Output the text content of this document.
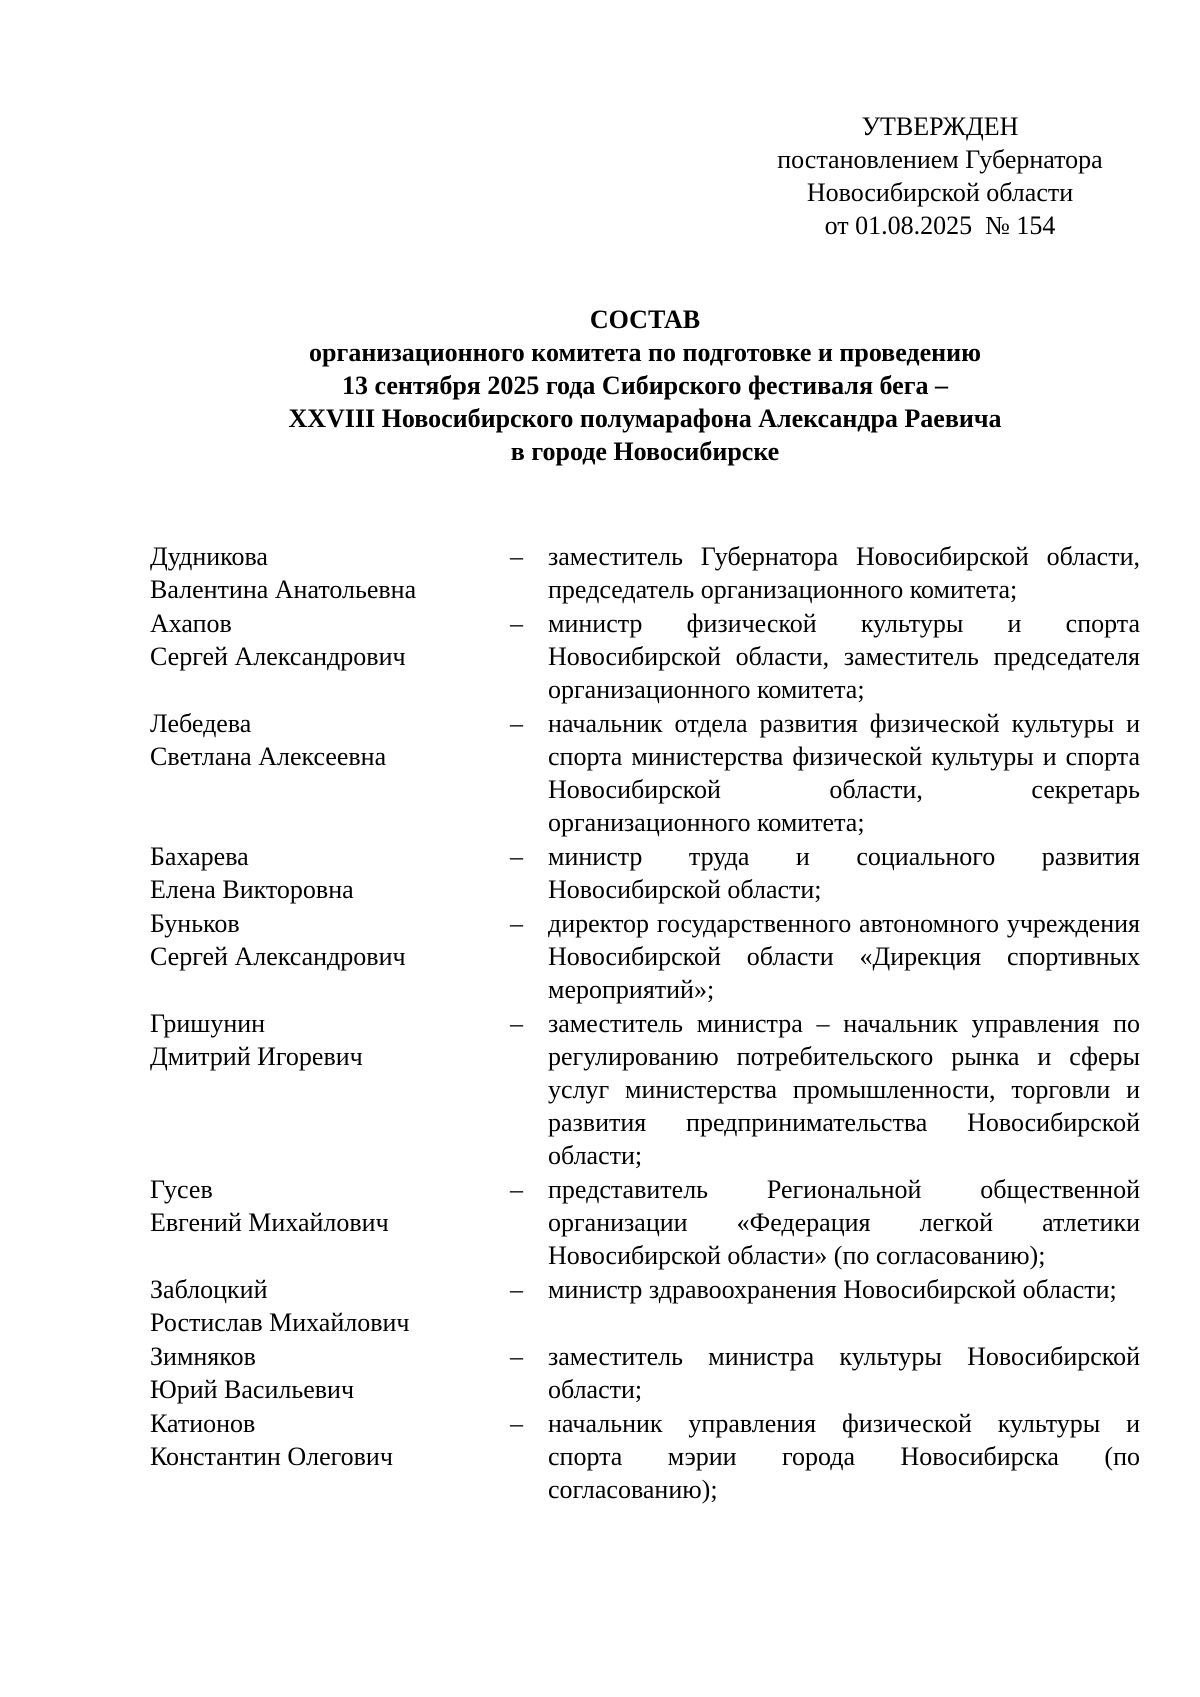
УТВЕРЖДЕН
постановлением Губернатора
Новосибирской области
от 01.08.2025  № 154
СОСТАВ
организационного комитета по подготовке и проведению
13 сентября 2025 года Сибирского фестиваля бега –
XXVIII Новосибирского полумарафона Александра Раевича
в городе Новосибирске
Дудникова
Валентина Анатольевна
– заместитель Губернатора Новосибирской области, председатель организационного комитета;
Ахапов
Сергей Александрович
– министр физической культуры и спорта Новосибирской области, заместитель председателя организационного комитета;
Лебедева
Светлана Алексеевна
– начальник отдела развития физической культуры и спорта министерства физической культуры и спорта Новосибирской области, секретарь организационного комитета;
Бахарева
Елена Викторовна
– министр труда и социального развития Новосибирской области;
Буньков
Сергей Александрович
– директор государственного автономного учреждения Новосибирской области «Дирекция спортивных мероприятий»;
Гришунин
Дмитрий Игоревич
– заместитель министра – начальник управления по регулированию потребительского рынка и сферы услуг министерства промышленности, торговли и развития предпринимательства Новосибирской области;
Гусев
Евгений Михайлович
– представитель Региональной общественной организации «Федерация легкой атлетики Новосибирской области» (по согласованию);
Заблоцкий
Ростислав Михайлович
– министр здравоохранения Новосибирской области;
Зимняков
Юрий Васильевич
– заместитель министра культуры Новосибирской области;
Катионов
Константин Олегович
– начальник управления физической культуры и спорта мэрии города Новосибирска (по согласованию);
